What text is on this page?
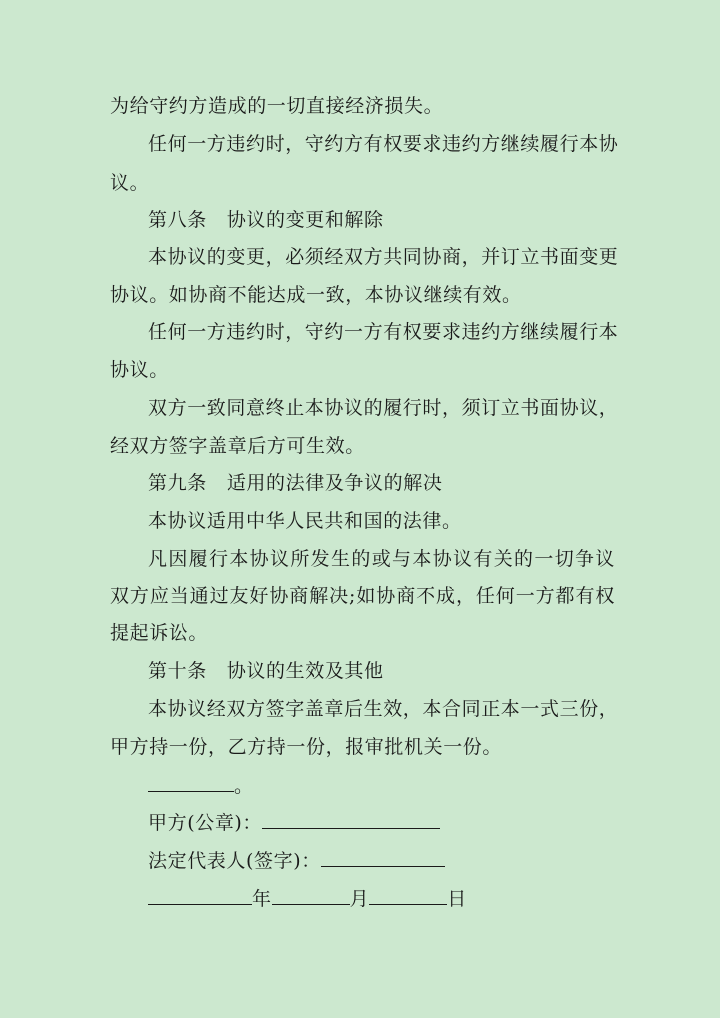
为给守约方造成的一切直接经济损失。
任何一方违约时，守约方有权要求违约方继续履行本协
议。
第八条 协议的变更和解除
本协议的变更，必须经双方共同协商，并订立书面变更
协议。如协商不能达成一致，本协议继续有效。
任何一方违约时，守约一方有权要求违约方继续履行本
协议。
双方一致同意终止本协议的履行时，须订立书面协议，
经双方签字盖章后方可生效。
第九条 适用的法律及争议的解决
本协议适用中华人民共和国的法律。
凡因履行本协议所发生的或与本协议有关的一切争议
双方应当通过友好协商解决;如协商不成，任何一方都有权
提起诉讼。
第十条 协议的生效及其他
本协议经双方签字盖章后生效，本合同正本一式三份，
甲方持一份，乙方持一份，报审批机关一份。
。
甲方(公章)：
法定代表人(签字)：
年	月	日
